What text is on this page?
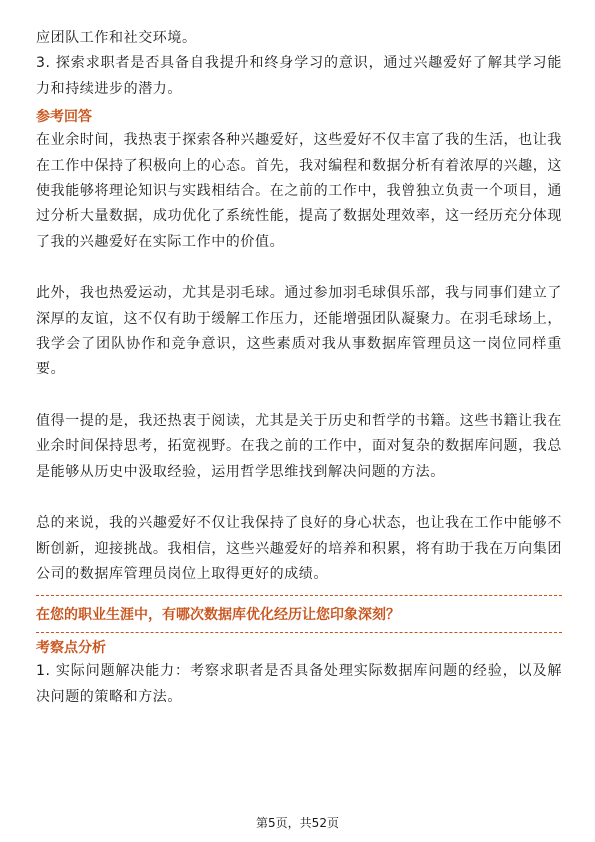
应团队工作和社交环境。

3. 探索求职者是否具备自我提升和终身学习的意识，通过兴趣爱好了解其学习能力和持续进步的潜力。

参考回答

在业余时间，我热衷于探索各种兴趣爱好，这些爱好不仅丰富了我的生活，也让我在工作中保持了积极向上的心态。首先，我对编程和数据分析有着浓厚的兴趣，这使我能够将理论知识与实践相结合。在之前的工作中，我曾独立负责一个项目，通过分析大量数据，成功优化了系统性能，提高了数据处理效率，这一经历充分体现了我的兴趣爱好在实际工作中的价值。

此外，我也热爱运动，尤其是羽毛球。通过参加羽毛球俱乐部，我与同事们建立了深厚的友谊，这不仅有助于缓解工作压力，还能增强团队凝聚力。在羽毛球场上，我学会了团队协作和竞争意识，这些素质对我从事数据库管理员这一岗位同样重要。

值得一提的是，我还热衷于阅读，尤其是关于历史和哲学的书籍。这些书籍让我在业余时间保持思考，拓宽视野。在我之前的工作中，面对复杂的数据库问题，我总是能够从历史中汲取经验，运用哲学思维找到解决问题的方法。

总的来说，我的兴趣爱好不仅让我保持了良好的身心状态，也让我在工作中能够不断创新，迎接挑战。我相信，这些兴趣爱好的培养和积累，将有助于我在万向集团公司的数据库管理员岗位上取得更好的成绩。

在您的职业生涯中，有哪次数据库优化经历让您印象深刻？

考察点分析

1. 实际问题解决能力：考察求职者是否具备处理实际数据库问题的经验，以及解决问题的策略和方法。

第5页，共52页
